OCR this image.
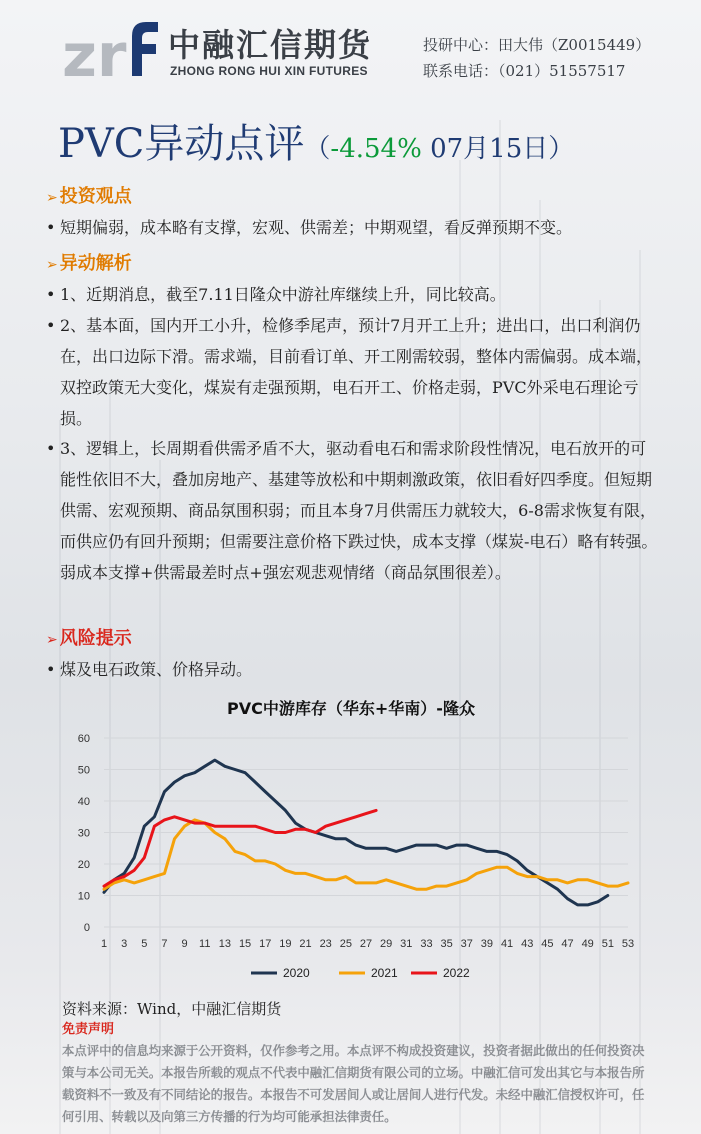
zr 中融汇信期货
ZHONG RONG HUI XIN FUTURES
投研中心：田大伟（Z0015449）
联系电话：（021）51557517
PVC异动点评（-4.54% 07月15日）
➢ 投资观点
• 短期偏弱，成本略有支撑，宏观、供需差；中期观望，看反弹预期不变。
➢ 异动解析
• 1、近期消息，截至7.11日隆众中游社库继续上升，同比较高。
• 2、基本面，国内开工小升，检修季尾声，预计7月开工上升；进出口，出口利润仍在，出口边际下滑。需求端，目前看订单、开工刚需较弱，整体内需偏弱。成本端，双控政策无大变化，煤炭有走强预期，电石开工、价格走弱，PVC外采电石理论亏损。
• 3、逻辑上，长周期看供需矛盾不大，驱动看电石和需求阶段性情况，电石放开的可能性依旧不大，叠加房地产、基建等放松和中期刺激政策，依旧看好四季度。但短期供需、宏观预期、商品氛围积弱；而且本身7月供需压力就较大，6-8需求恢复有限，而供应仍有回升预期；但需要注意价格下跌过快，成本支撑（煤炭-电石）略有转强。弱成本支撑+供需最差时点+强宏观悲观情绪（商品氛围很差）。
➢ 风险提示
• 煤及电石政策、价格异动。
PVC中游库存（华东+华南）-隆众
0
10
20
30
40
50
60
1 3 5 7 9 11 13 15 17 19 21 23 25 27 29 31 33 35 37 39 41 43 45 47 49 51 53
2020	2021	2022
资料来源：Wind，中融汇信期货
免责声明
本点评中的信息均来源于公开资料，仅作参考之用。本点评不构成投资建议，投资者据此做出的任何投资决策与本公司无关。本报告所载的观点不代表中融汇信期货有限公司的立场。中融汇信可发出其它与本报告所载资料不一致及有不同结论的报告。本报告不可发居间人或让居间人进行代发。未经中融汇信授权许可，任何引用、转载以及向第三方传播的行为均可能承担法律责任。
